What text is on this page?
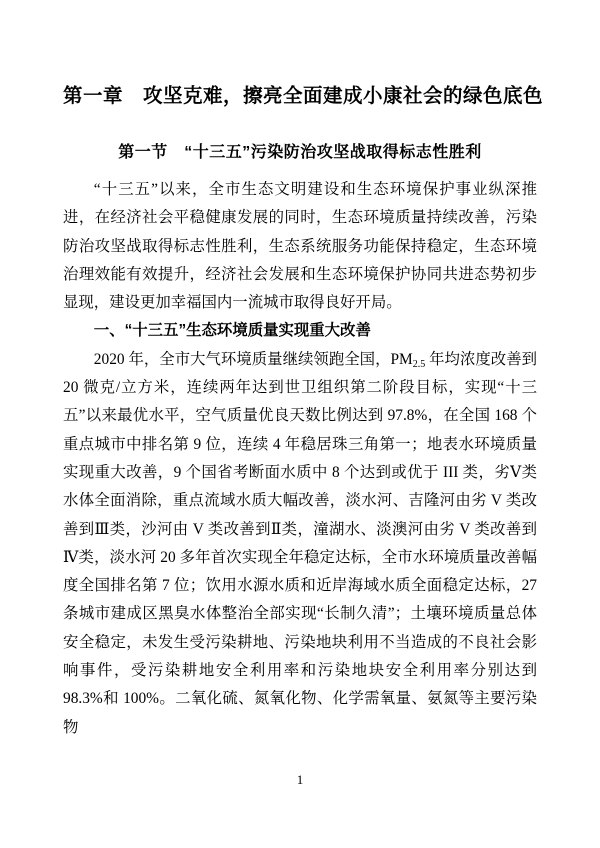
第一章　攻坚克难，擦亮全面建成小康社会的绿色底色
第一节　“十三五”污染防治攻坚战取得标志性胜利

“十三五”以来，全市生态文明建设和生态环境保护事业纵深推进，在经济社会平稳健康发展的同时，生态环境质量持续改善，污染防治攻坚战取得标志性胜利，生态系统服务功能保持稳定，生态环境治理效能有效提升，经济社会发展和生态环境保护协同共进态势初步显现，建设更加幸福国内一流城市取得良好开局。

一、“十三五”生态环境质量实现重大改善

2020 年，全市大气环境质量继续领跑全国，$PM_{2.5}$ 年均浓度改善到 20 微克/立方米，连续两年达到世卫组织第二阶段目标，实现“十三五”以来最优水平，空气质量优良天数比例达到 97.8%，在全国 168 个重点城市中排名第 9 位，连续 4 年稳居珠三角第一；地表水环境质量实现重大改善，9 个国省考断面水质中 8 个达到或优于 III 类，劣Ⅴ类水体全面消除，重点流域水质大幅改善，淡水河、吉隆河由劣 V 类改善到Ⅲ类，沙河由 V 类改善到Ⅱ类，潼湖水、淡澳河由劣 V 类改善到Ⅳ类，淡水河 20 多年首次实现全年稳定达标，全市水环境质量改善幅度全国排名第 7 位；饮用水源水质和近岸海域水质全面稳定达标，27 条城市建成区黑臭水体整治全部实现“长制久清”；土壤环境质量总体安全稳定，未发生受污染耕地、污染地块利用不当造成的不良社会影响事件，受污染耕地安全利用率和污染地块安全利用率分别达到 98.3%和 100%。二氧化硫、氮氧化物、化学需氧量、氨氮等主要污染物

1
